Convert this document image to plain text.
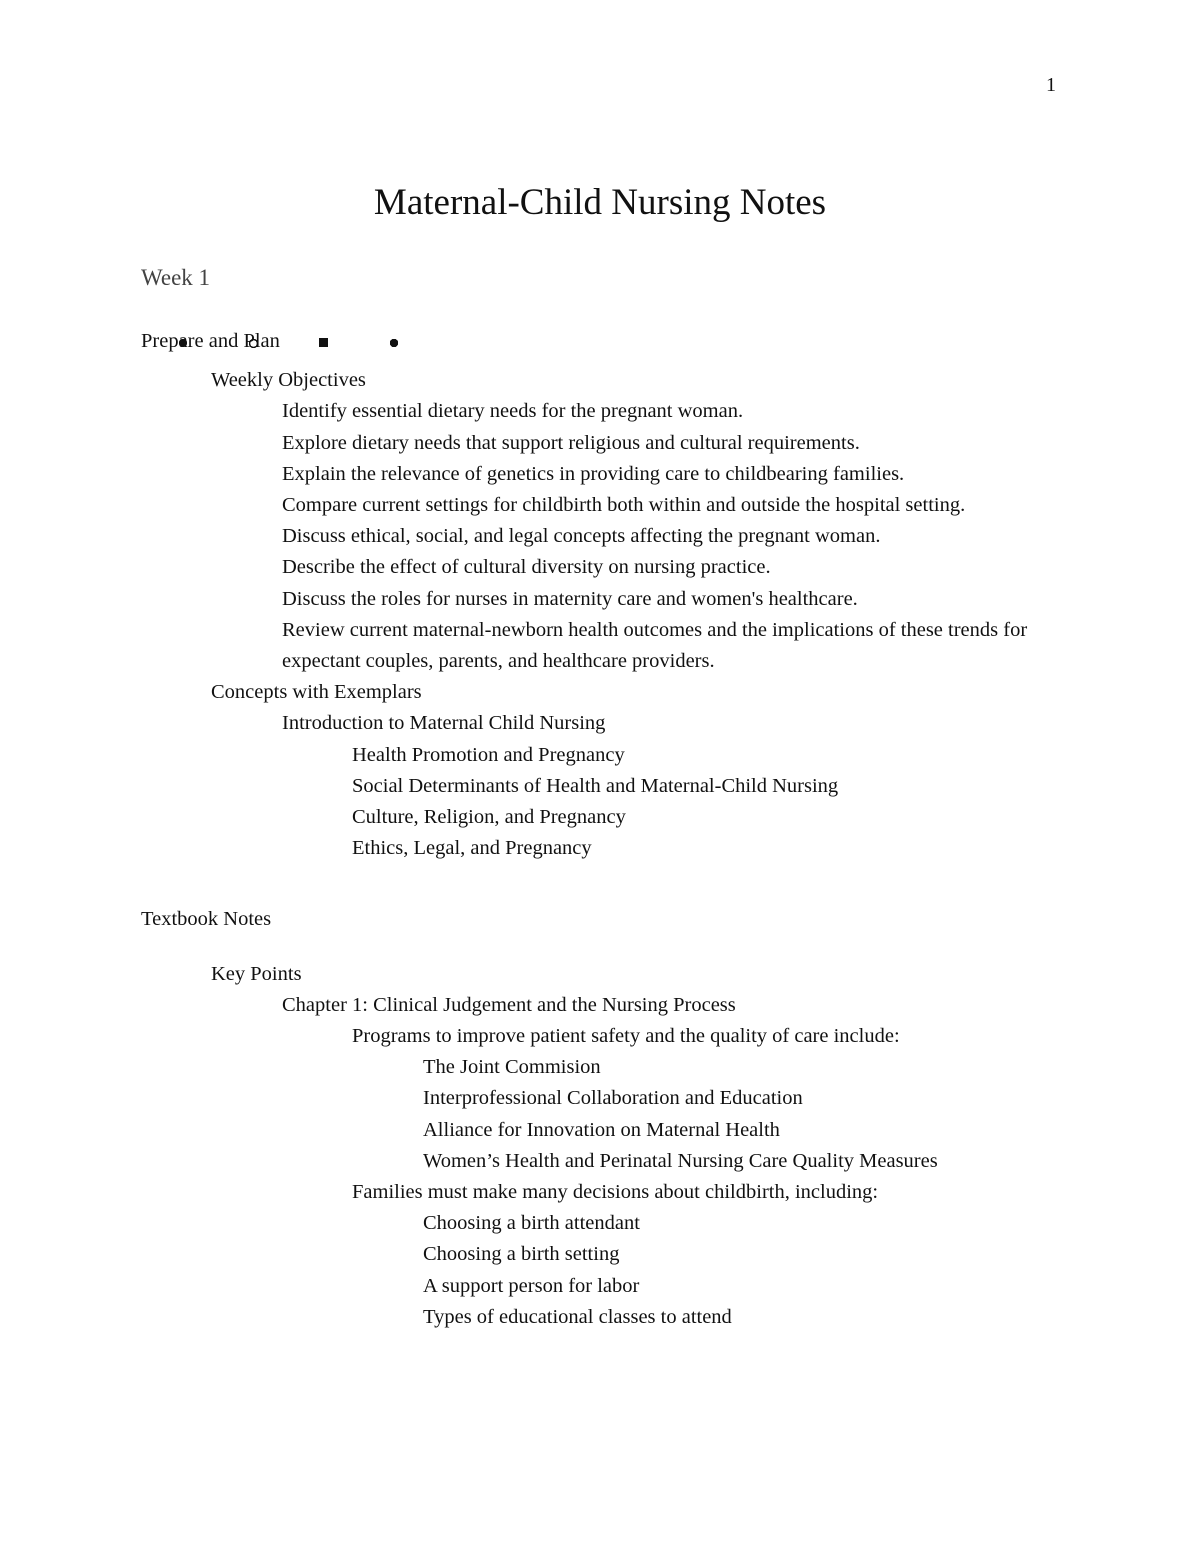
1
Maternal-Child Nursing Notes
Week 1
Prepare and Plan
Weekly Objectives
Identify essential dietary needs for the pregnant woman.
Explore dietary needs that support religious and cultural requirements.
Explain the relevance of genetics in providing care to childbearing families.
Compare current settings for childbirth both within and outside the hospital setting.
Discuss ethical, social, and legal concepts affecting the pregnant woman.
Describe the effect of cultural diversity on nursing practice.
Discuss the roles for nurses in maternity care and women's healthcare.
Review current maternal-newborn health outcomes and the implications of these trends for expectant couples, parents, and healthcare providers.
Concepts with Exemplars
Introduction to Maternal Child Nursing
Health Promotion and Pregnancy
Social Determinants of Health and Maternal-Child Nursing
Culture, Religion, and Pregnancy
Ethics, Legal, and Pregnancy
Textbook Notes
Key Points
Chapter 1: Clinical Judgement and the Nursing Process
Programs to improve patient safety and the quality of care include:
The Joint Commision
Interprofessional Collaboration and Education
Alliance for Innovation on Maternal Health
Women’s Health and Perinatal Nursing Care Quality Measures
Families must make many decisions about childbirth, including:
Choosing a birth attendant
Choosing a birth setting
A support person for labor
Types of educational classes to attend
